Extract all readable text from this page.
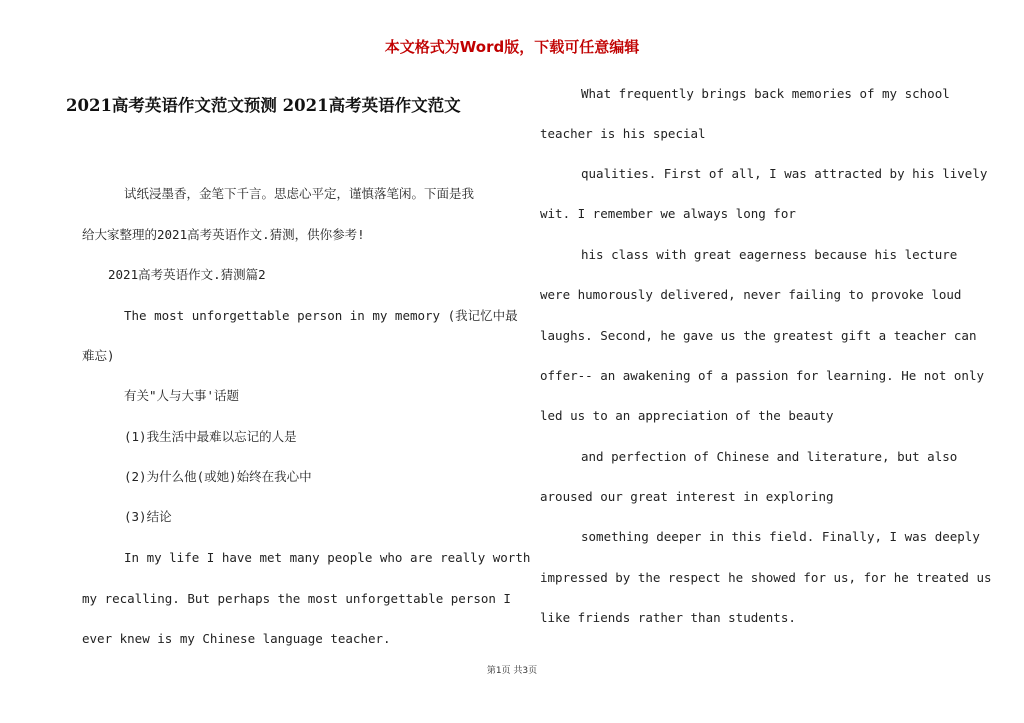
本文格式为Word版，下载可任意编辑
2021高考英语作文范文预测 2021高考英语作文范文
试纸浸墨香，金笔下千言。思虑心平定，谨慎落笔闲。下面是我
给大家整理的2021高考英语作文.猜测，供你参考!
2021高考英语作文.猜测篇2
The most unforgettable person in my memory (我记忆中最
难忘)
有关"人与大事'话题
(1)我生活中最难以忘记的人是
(2)为什么他(或她)始终在我心中
(3)结论
In my life I have met many people who are really worth
my recalling. But perhaps the most unforgettable person I
ever knew is my Chinese language teacher.
What frequently brings back memories of my school
teacher is his special
qualities. First of all, I was attracted by his lively
wit. I remember we always long for
his class with great eagerness because his lecture
were humorously delivered, never failing to provoke loud
laughs. Second, he gave us the greatest gift a teacher can
offer-- an awakening of a passion for learning. He not only
led us to an appreciation of the beauty
and perfection of Chinese and literature, but also
aroused our great interest in exploring
something deeper in this field. Finally, I was deeply
impressed by the respect he showed for us, for he treated us
like friends rather than students.
第1页 共3页
